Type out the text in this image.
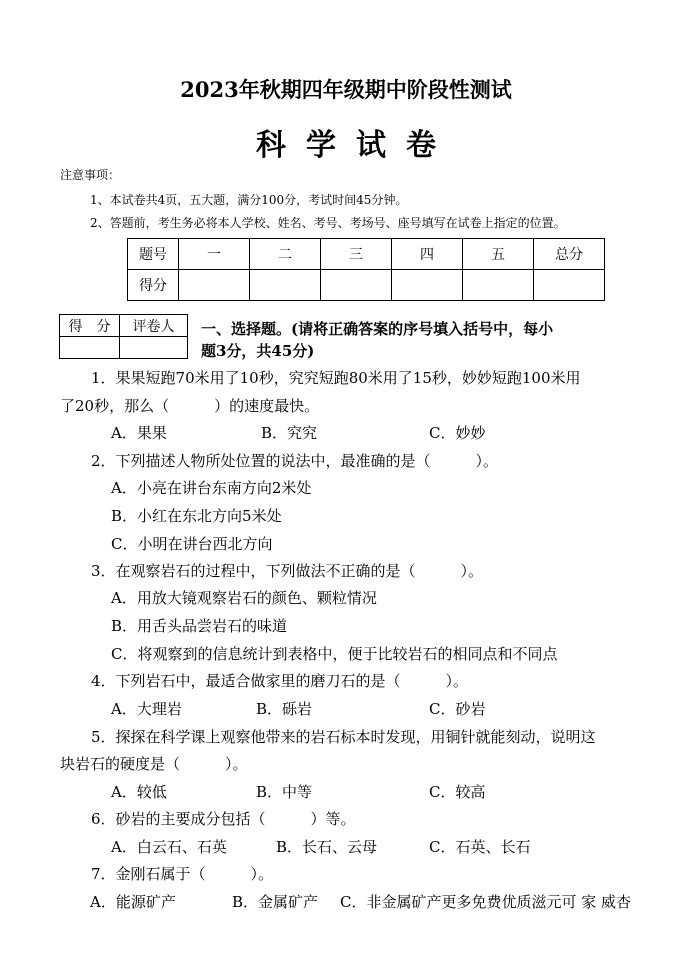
2023年秋期四年级期中阶段性测试
科学试卷
注意事项：
1、本试卷共4页，五大题，满分100分，考试时间45分钟。
2、答题前，考生务必将本人学校、姓名、考号、考场号、座号填写在试卷上指定的位置。
题号	一	二	三	四	五	总分
得分						
得　分	评卷人
	一、选择题。(请将正确答案的序号填入括号中，每小
题3分，共45分)
1．果果短跑70米用了10秒，究究短跑80米用了15秒，妙妙短跑100米用
了20秒，那么（　　　）的速度最快。
A．果果	B．究究	C．妙妙
2．下列描述人物所处位置的说法中，最准确的是（　　　）。
A．小亮在讲台东南方向2米处
B．小红在东北方向5米处
C．小明在讲台西北方向
3．在观察岩石的过程中，下列做法不正确的是（　　　）。
A．用放大镜观察岩石的颜色、颗粒情况
B．用舌头品尝岩石的味道
C．将观察到的信息统计到表格中，便于比较岩石的相同点和不同点
4．下列岩石中，最适合做家里的磨刀石的是（　　　）。
A．大理岩	B．砾岩	C．砂岩
5．探探在科学课上观察他带来的岩石标本时发现，用铜针就能刻动，说明这
块岩石的硬度是（　　　）。
A．较低	B．中等	C．较高
6．砂岩的主要成分包括（　　　）等。
A．白云石、石英	B．长石、云母	C．石英、长石
7．金刚石属于（　　　）。
A．能源矿产	B．金属矿产 C．非金属矿产更多免费优质滋元可 家 威杏
